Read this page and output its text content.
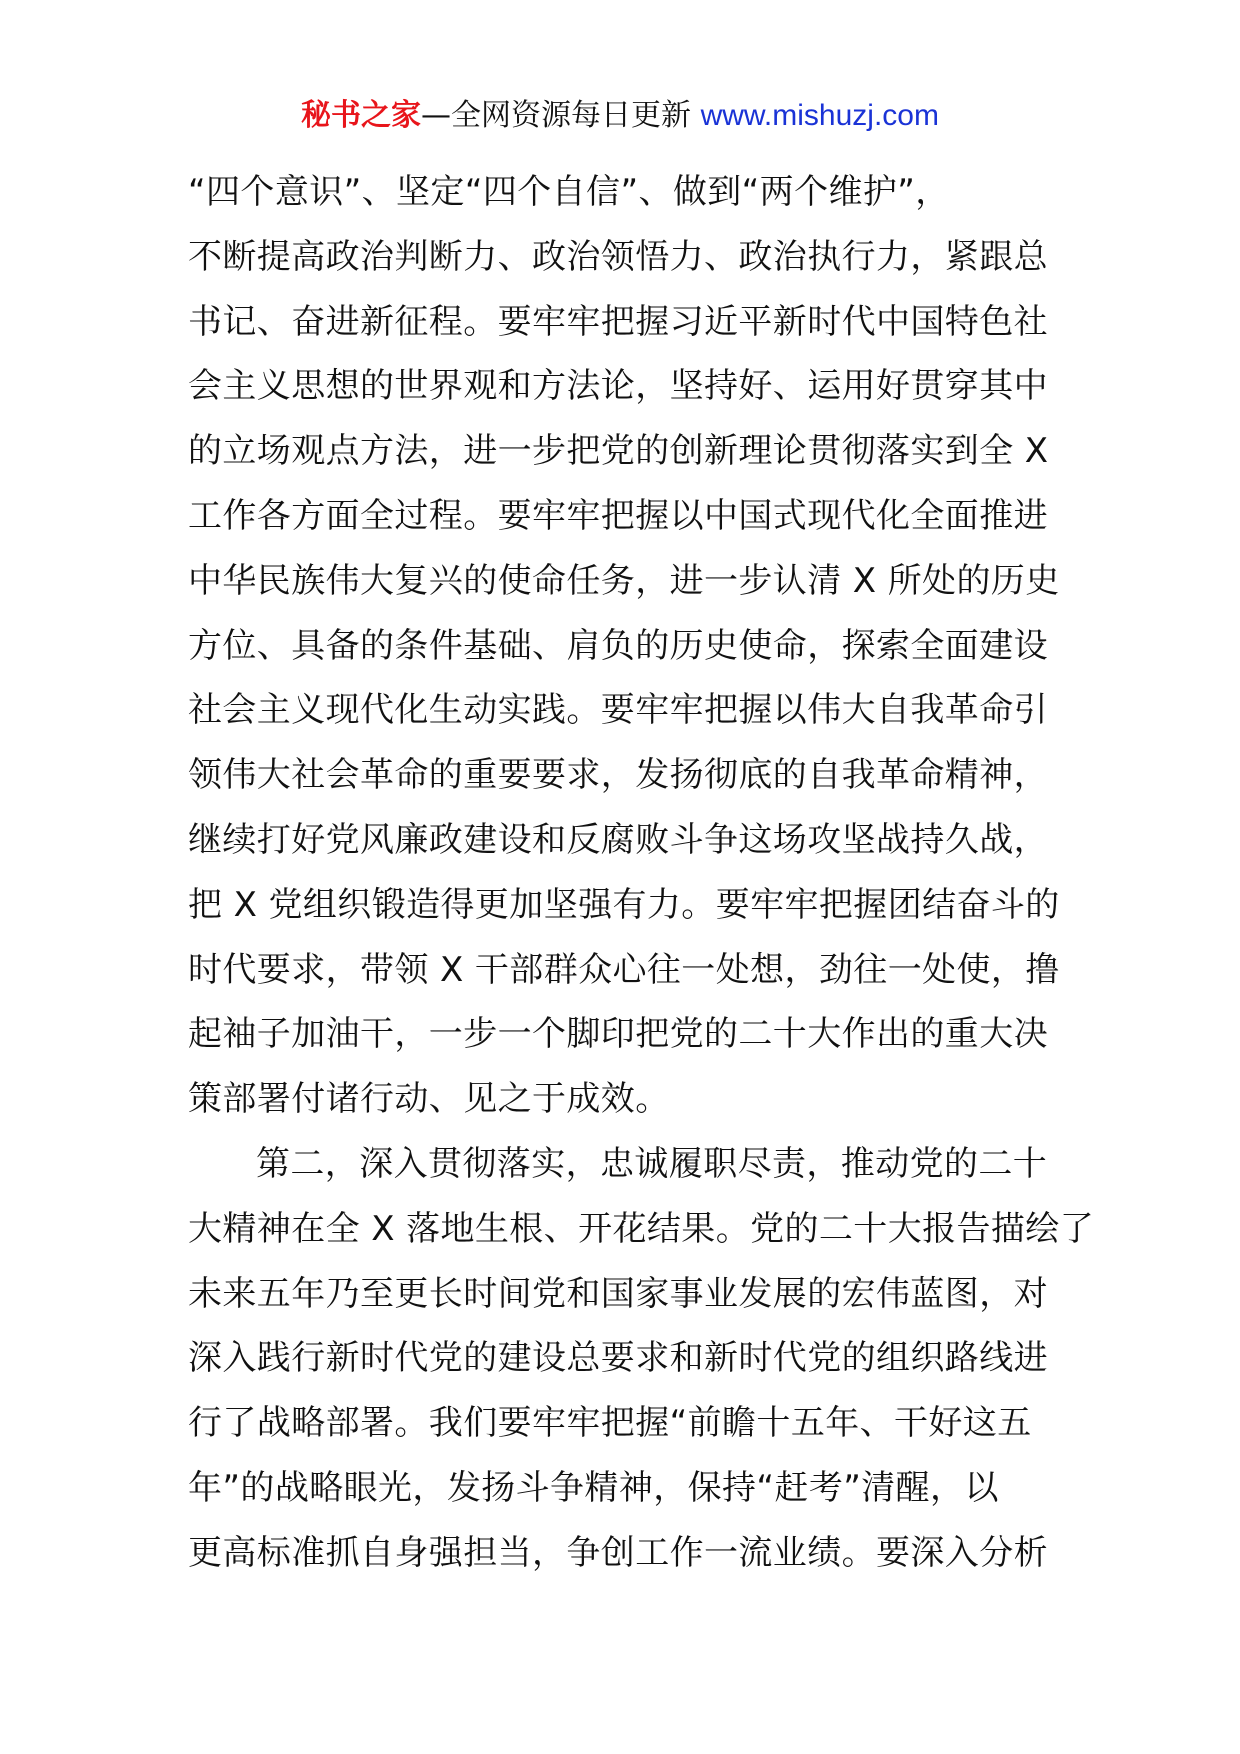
秘书之家—全网资源每日更新 www.mishuzj.com
“四个意识”、坚定“四个自信”、做到“两个维护”，
不断提高政治判断力、政治领悟力、政治执行力，紧跟总
书记、奋进新征程。要牢牢把握习近平新时代中国特色社
会主义思想的世界观和方法论，坚持好、运用好贯穿其中
的立场观点方法，进一步把党的创新理论贯彻落实到全 X
工作各方面全过程。要牢牢把握以中国式现代化全面推进
中华民族伟大复兴的使命任务，进一步认清 X 所处的历史
方位、具备的条件基础、肩负的历史使命，探索全面建设
社会主义现代化生动实践。要牢牢把握以伟大自我革命引
领伟大社会革命的重要要求，发扬彻底的自我革命精神，
继续打好党风廉政建设和反腐败斗争这场攻坚战持久战，
把 X 党组织锻造得更加坚强有力。要牢牢把握团结奋斗的
时代要求，带领 X 干部群众心往一处想，劲往一处使，撸
起袖子加油干，一步一个脚印把党的二十大作出的重大决
策部署付诸行动、见之于成效。
第二，深入贯彻落实，忠诚履职尽责，推动党的二十
大精神在全 X 落地生根、开花结果。党的二十大报告描绘了
未来五年乃至更长时间党和国家事业发展的宏伟蓝图，对
深入践行新时代党的建设总要求和新时代党的组织路线进
行了战略部署。我们要牢牢把握“前瞻十五年、干好这五
年”的战略眼光，发扬斗争精神，保持“赶考”清醒，以
更高标准抓自身强担当，争创工作一流业绩。要深入分析
